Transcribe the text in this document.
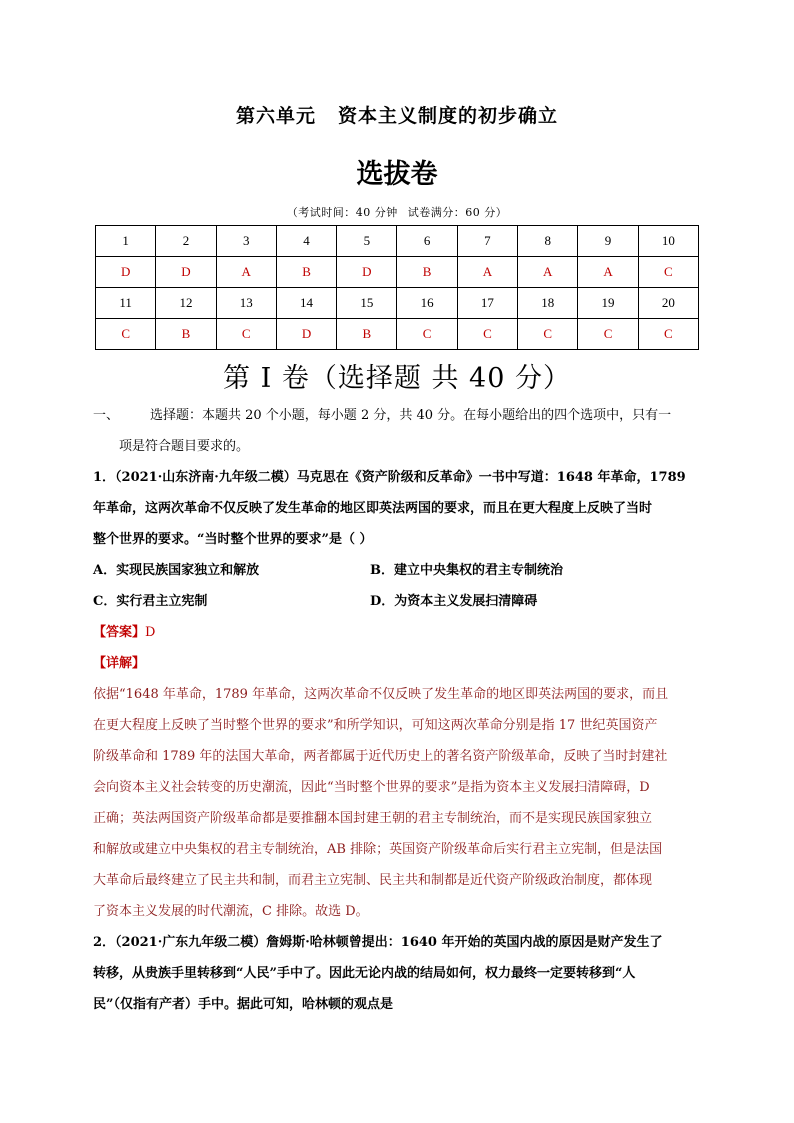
第六单元 资本主义制度的初步确立
选拔卷
（考试时间：40 分钟 试卷满分：60 分）
1	2	3	4	5	6	7	8	9	10
D	D	A	B	D	B	A	A	A	C
11	12	13	14	15	16	17	18	19	20
C	B	C	D	B	C	C	C	C	C
第 I 卷（选择题 共 40 分）

一、	选择题：本题共 20 个小题，每小题 2 分，共 40 分。在每小题给出的四个选项中，只有一

项是符合题目要求的。

1．（2021·山东济南·九年级二模）马克思在《资产阶级和反革命》一书中写道：1648 年革命，1789

年革命，这两次革命不仅反映了发生革命的地区即英法两国的要求，而且在更大程度上反映了当时

整个世界的要求。“当时整个世界的要求”是（ ）

A．实现民族国家独立和解放	B．建立中央集权的君主专制统治
C．实行君主立宪制	D．为资本主义发展扫清障碍

【答案】D

【详解】

依据“1648 年革命，1789 年革命，这两次革命不仅反映了发生革命的地区即英法两国的要求，而且

在更大程度上反映了当时整个世界的要求”和所学知识，可知这两次革命分别是指 17 世纪英国资产

阶级革命和 1789 年的法国大革命，两者都属于近代历史上的著名资产阶级革命，反映了当时封建社

会向资本主义社会转变的历史潮流，因此“当时整个世界的要求”是指为资本主义发展扫清障碍，D

正确；英法两国资产阶级革命都是要推翻本国封建王朝的君主专制统治，而不是实现民族国家独立

和解放或建立中央集权的君主专制统治，AB 排除；英国资产阶级革命后实行君主立宪制，但是法国

大革命后最终建立了民主共和制，而君主立宪制、民主共和制都是近代资产阶级政治制度，都体现

了资本主义发展的时代潮流，C 排除。故选 D。

2．（2021·广东九年级二模）詹姆斯·哈林顿曾提出：1640 年开始的英国内战的原因是财产发生了

转移，从贵族手里转移到“人民”手中了。因此无论内战的结局如何，权力最终一定要转移到“人

民”（仅指有产者）手中。据此可知，哈林顿的观点是
